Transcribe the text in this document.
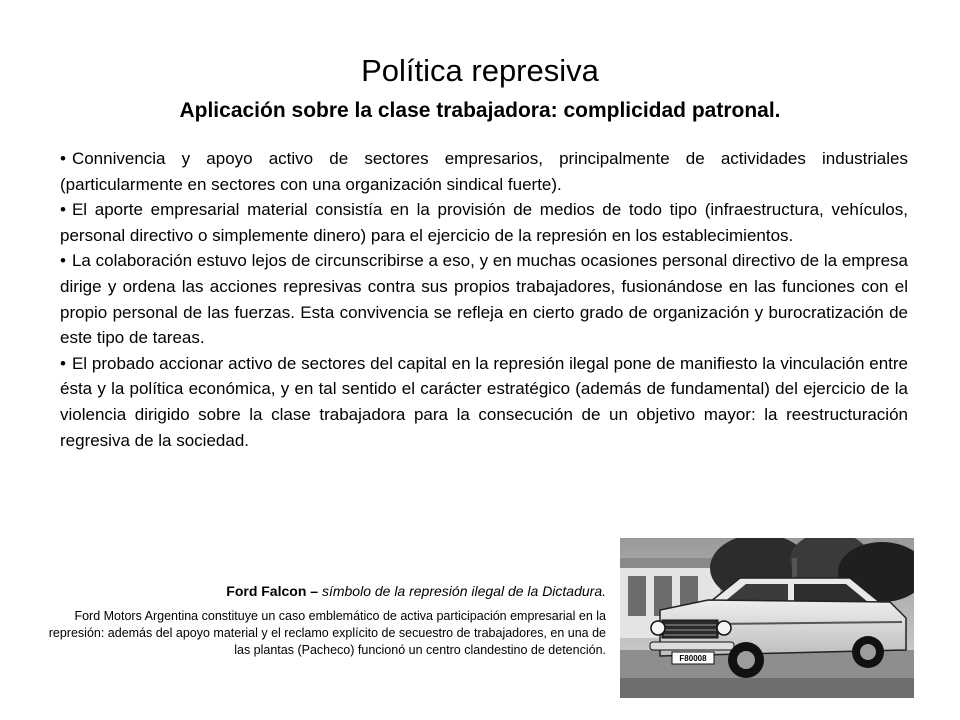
Política represiva
Aplicación sobre la clase trabajadora: complicidad patronal.
• Connivencia y apoyo activo de sectores empresarios, principalmente de actividades industriales (particularmente en sectores con una organización sindical fuerte).
• El aporte empresarial material consistía en la provisión de medios de todo tipo (infraestructura, vehículos, personal directivo o simplemente dinero) para el ejercicio de la represión en los establecimientos.
• La colaboración estuvo lejos de circunscribirse a eso, y en muchas ocasiones personal directivo de la empresa dirige y ordena las acciones represivas contra sus propios trabajadores, fusionándose en las funciones con el propio personal de las fuerzas. Esta convivencia se refleja en cierto grado de organización y burocratización de este tipo de tareas.
• El probado accionar activo de sectores del capital en la represión ilegal pone de manifiesto la vinculación entre ésta y la política económica, y en tal sentido el carácter estratégico (además de fundamental) del ejercicio de la violencia dirigido sobre la clase trabajadora para la consecución de un objetivo mayor: la reestructuración regresiva de la sociedad.

Ford Falcon – símbolo de la represión ilegal de la Dictadura.

Ford Motors Argentina constituye un caso emblemático de activa participación empresarial en la represión: además del apoyo material y el reclamo explícito de secuestro de trabajadores, en una de las plantas (Pacheco) funcionó un centro clandestino de detención.

F80008
